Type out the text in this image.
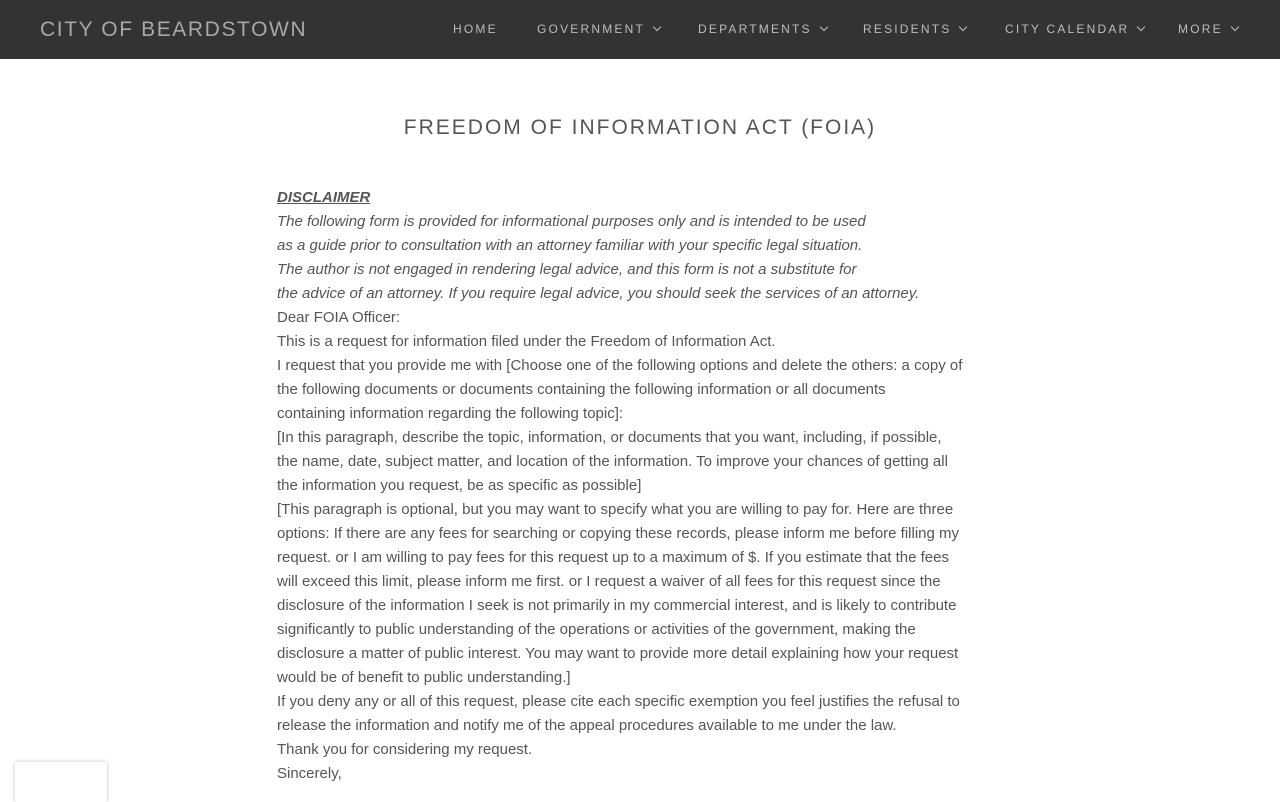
CITY OF BEARDSTOWN	HOME	GOVERNMENT	DEPARTMENTS	RESIDENTS	CITY CALENDAR	MORE
FREEDOM OF INFORMATION ACT (FOIA)

DISCLAIMER

The following form is provided for informational purposes only and is intended to be used

as a guide prior to consultation with an attorney familiar with your specific legal situation.

The author is not engaged in rendering legal advice, and this form is not a substitute for

the advice of an attorney. If you require legal advice, you should seek the services of an attorney.

Dear FOIA Officer:

This is a request for information filed under the Freedom of Information Act.

I request that you provide me with [Choose one of the following options and delete the others: a copy of

the following documents or documents containing the following information or all documents

containing information regarding the following topic]:

[In this paragraph, describe the topic, information, or documents that you want, including, if possible,

the name, date, subject matter, and location of the information. To improve your chances of getting all

the information you request, be as specific as possible]

[This paragraph is optional, but you may want to specify what you are willing to pay for. Here are three

options: If there are any fees for searching or copying these records, please inform me before filling my

request. or I am willing to pay fees for this request up to a maximum of $. If you estimate that the fees

will exceed this limit, please inform me first. or I request a waiver of all fees for this request since the

disclosure of the information I seek is not primarily in my commercial interest, and is likely to contribute

significantly to public understanding of the operations or activities of the government, making the

disclosure a matter of public interest. You may want to provide more detail explaining how your request

would be of benefit to public understanding.]

If you deny any or all of this request, please cite each specific exemption you feel justifies the refusal to

release the information and notify me of the appeal procedures available to me under the law.

Thank you for considering my request.

Sincerely,
